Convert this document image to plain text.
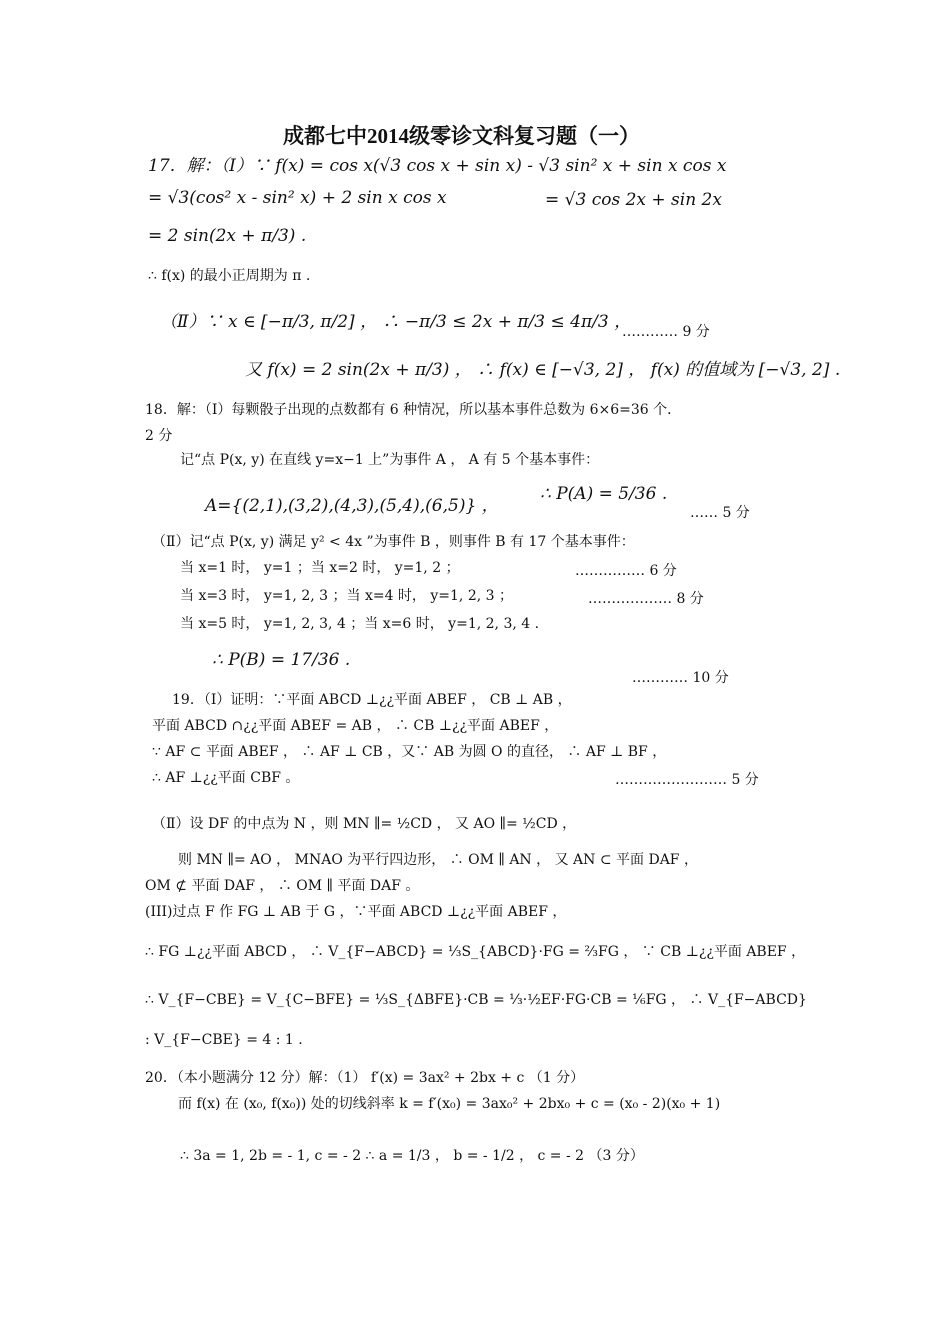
成都七中2014级零诊文科复习题（一）
17．解：（Ⅰ）∵ f(x) = cos x(√3 cos x + sin x) - √3 sin² x + sin x cos x
= √3(cos² x - sin² x) + 2 sin x cos x	= √3 cos 2x + sin 2x
= 2 sin(2x + π/3) .
∴ f(x) 的最小正周期为 π .
（Ⅱ）∵ x ∈ [−π/3, π/2] ， ∴ −π/3 ≤ 2x + π/3 ≤ 4π/3 ，
………… 9 分
又 f(x) = 2 sin(2x + π/3) ， ∴ f(x) ∈ [−√3, 2] ， f(x) 的值域为 [−√3, 2] .
18．解：（Ⅰ）每颗骰子出现的点数都有 6 种情况，所以基本事件总数为 6×6=36 个．
2 分
记“点 P(x, y) 在直线 y=x−1 上”为事件 A ， A 有 5 个基本事件：
A={(2,1),(3,2),(4,3),(5,4),(6,5)} ，
∴ P(A) = 5/36 .
…… 5 分
（Ⅱ）记“点 P(x, y) 满足 y² < 4x ”为事件 B ，则事件 B 有 17 个基本事件：
当 x=1 时， y=1 ；当 x=2 时， y=1, 2 ；	…………… 6 分
当 x=3 时， y=1, 2, 3 ；当 x=4 时， y=1, 2, 3 ；	……………… 8 分
当 x=5 时， y=1, 2, 3, 4 ；当 x=6 时， y=1, 2, 3, 4 .
∴ P(B) = 17/36 .
………… 10 分
19．（Ⅰ）证明：∵平面 ABCD ⊥¿¿平面 ABEF ， CB ⊥ AB ，
平面 ABCD ∩¿¿平面 ABEF = AB ， ∴ CB ⊥¿¿平面 ABEF ，
∵ AF ⊂ 平面 ABEF ， ∴ AF ⊥ CB ，又∵ AB 为圆 O 的直径， ∴ AF ⊥ BF ，
∴ AF ⊥¿¿平面 CBF 。	…………………… 5 分
（Ⅱ）设 DF 的中点为 N ，则 MN ∥= ½CD ， 又 AO ∥= ½CD ，
则 MN ∥= AO ， MNAO 为平行四边形， ∴ OM ∥ AN ， 又 AN ⊂ 平面 DAF ，
OM ⊄ 平面 DAF ， ∴ OM ∥ 平面 DAF 。
(III)过点 F 作 FG ⊥ AB 于 G ，∵平面 ABCD ⊥¿¿平面 ABEF ，
∴ FG ⊥¿¿平面 ABCD ， ∴ V_{F−ABCD} = ⅓S_{ABCD}·FG = ⅔FG ， ∵ CB ⊥¿¿平面 ABEF ，
∴ V_{F−CBE} = V_{C−BFE} = ⅓S_{ΔBFE}·CB = ⅓·½EF·FG·CB = ⅙FG ， ∴ V_{F−ABCD}
: V_{F−CBE} = 4 : 1 .
20．（本小题满分 12 分）解：（1） f′(x) = 3ax² + 2bx + c （1 分）
而 f(x) 在 (x₀, f(x₀)) 处的切线斜率 k = f′(x₀) = 3ax₀² + 2bx₀ + c = (x₀ - 2)(x₀ + 1)
∴ 3a = 1, 2b = - 1, c = - 2 ∴ a = 1/3 ， b = - 1/2 ， c = - 2 （3 分）
